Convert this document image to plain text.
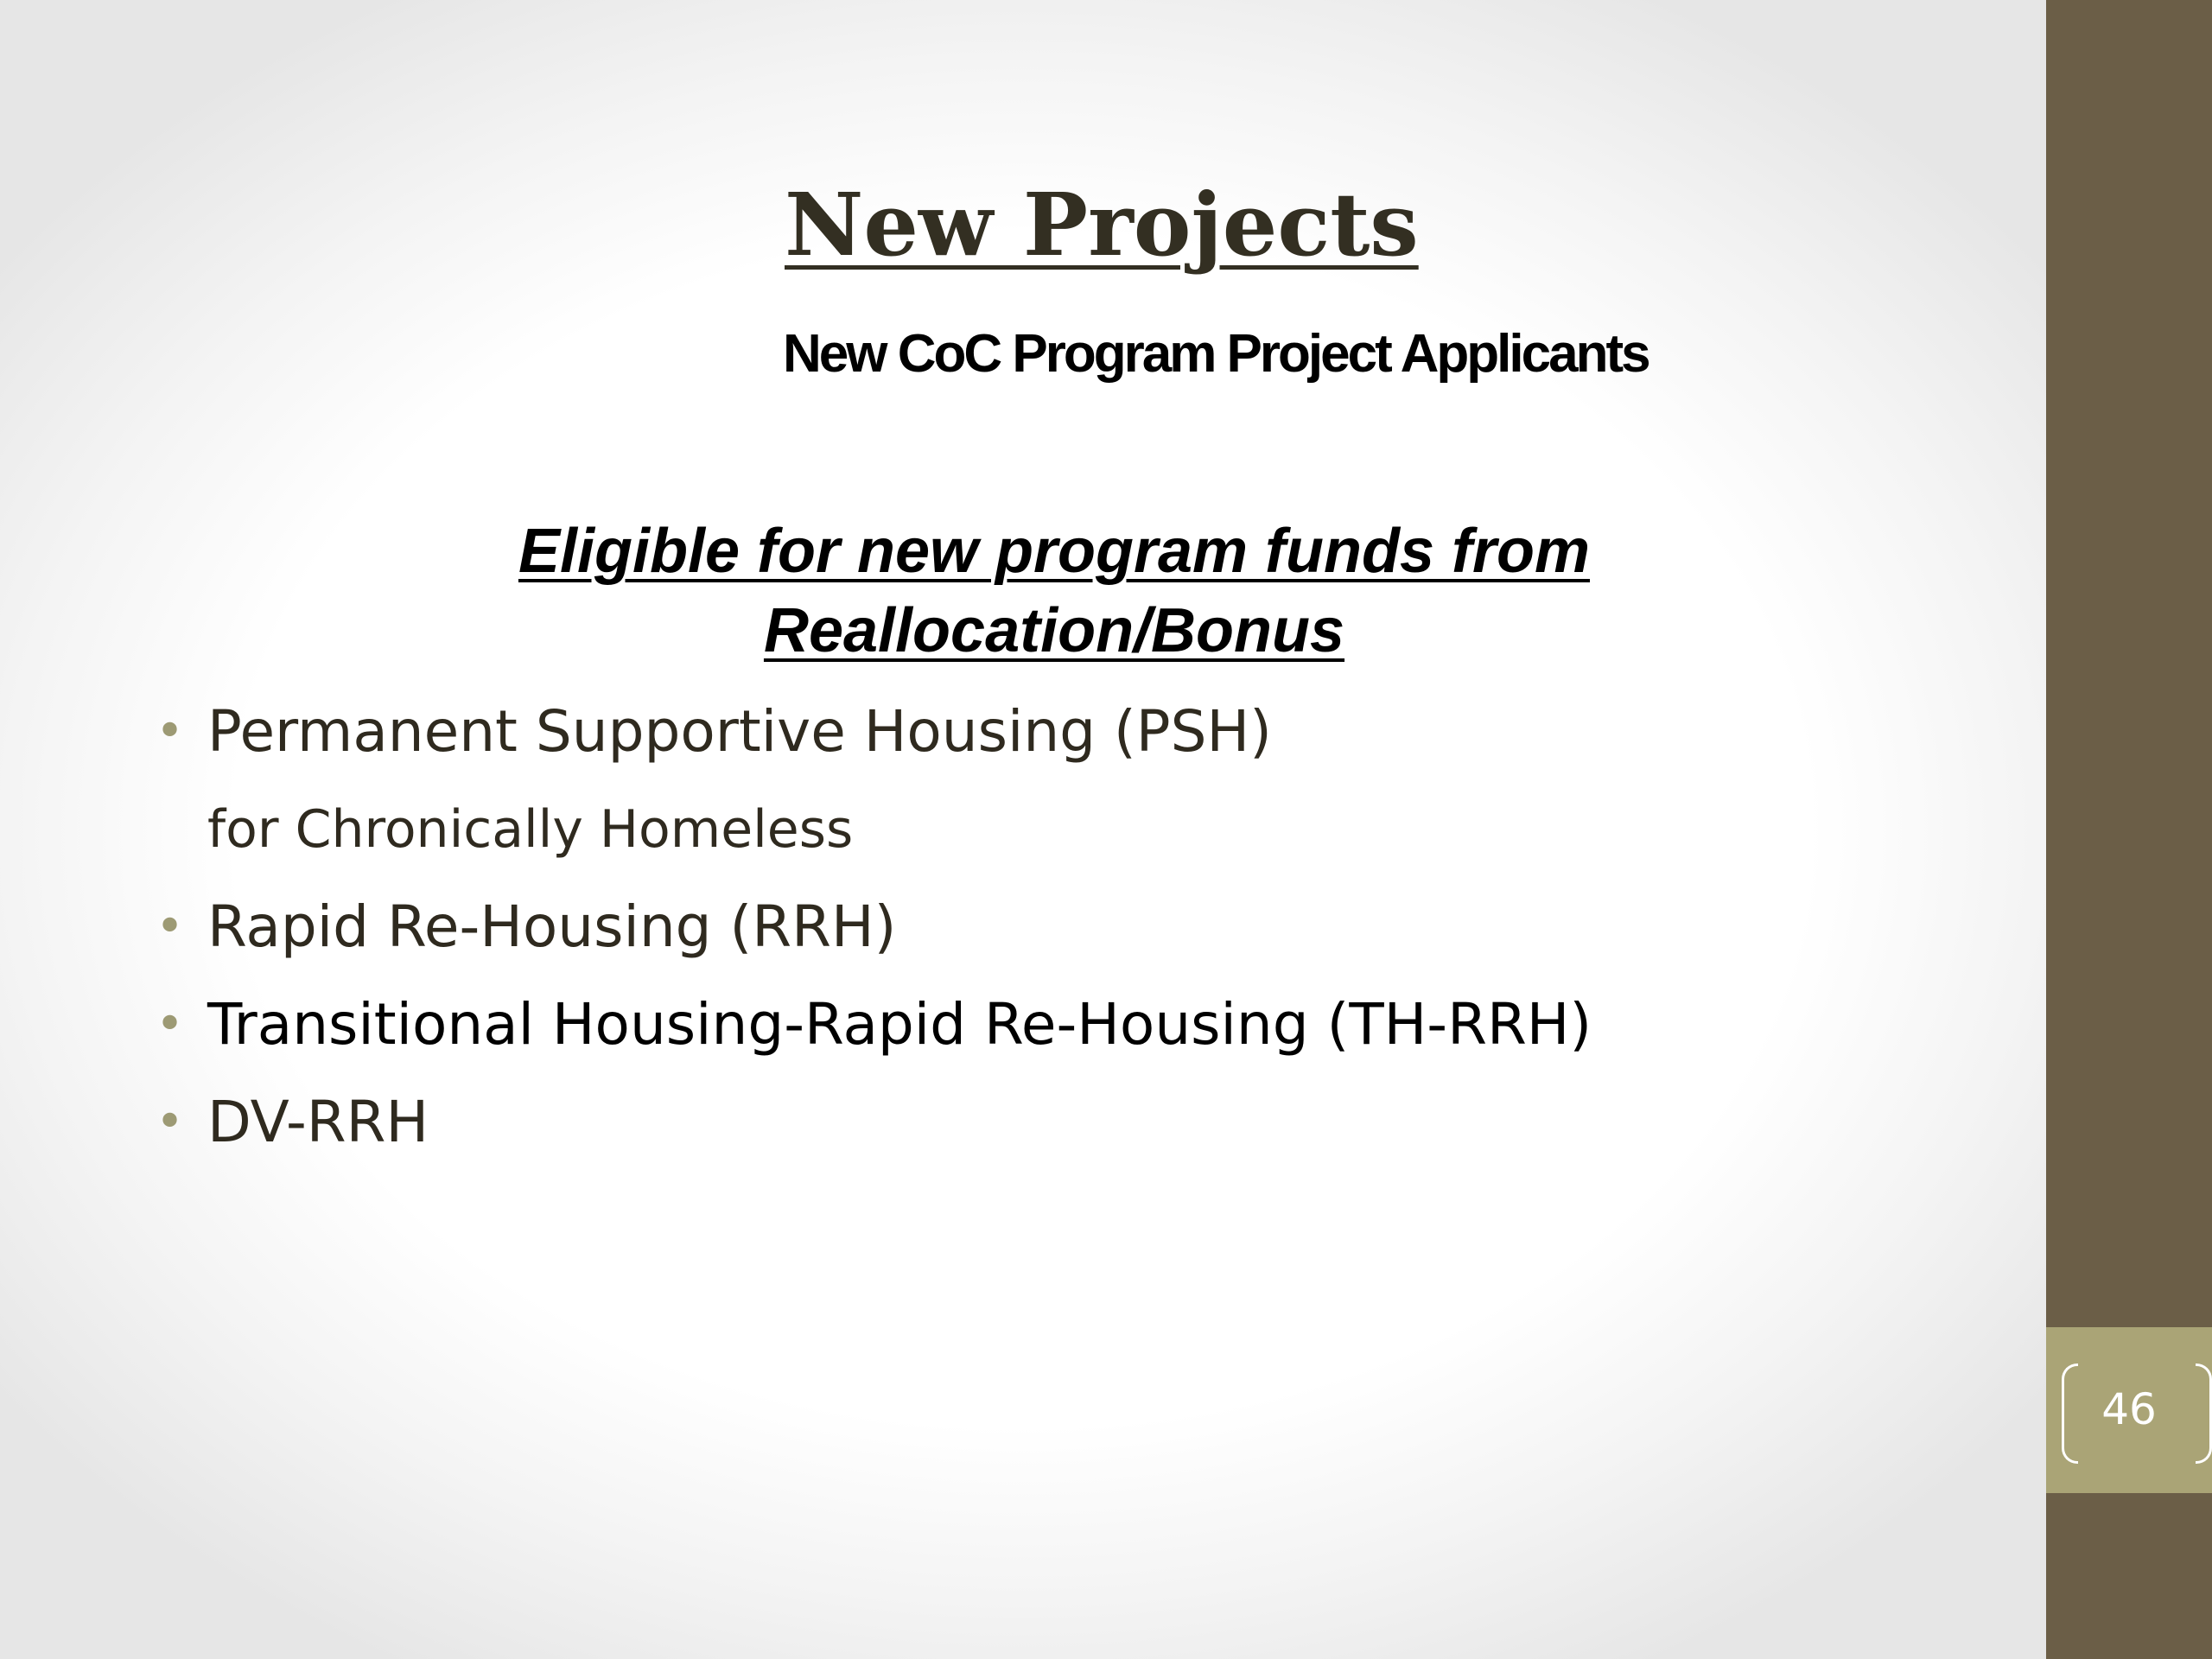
New Projects
New CoC Program Project Applicants
Eligible for new program funds from
Reallocation/Bonus
• Permanent Supportive Housing (PSH)
for Chronically Homeless
• Rapid Re-Housing (RRH)
• Transitional Housing-Rapid Re-Housing (TH-RRH)
• DV-RRH
46
